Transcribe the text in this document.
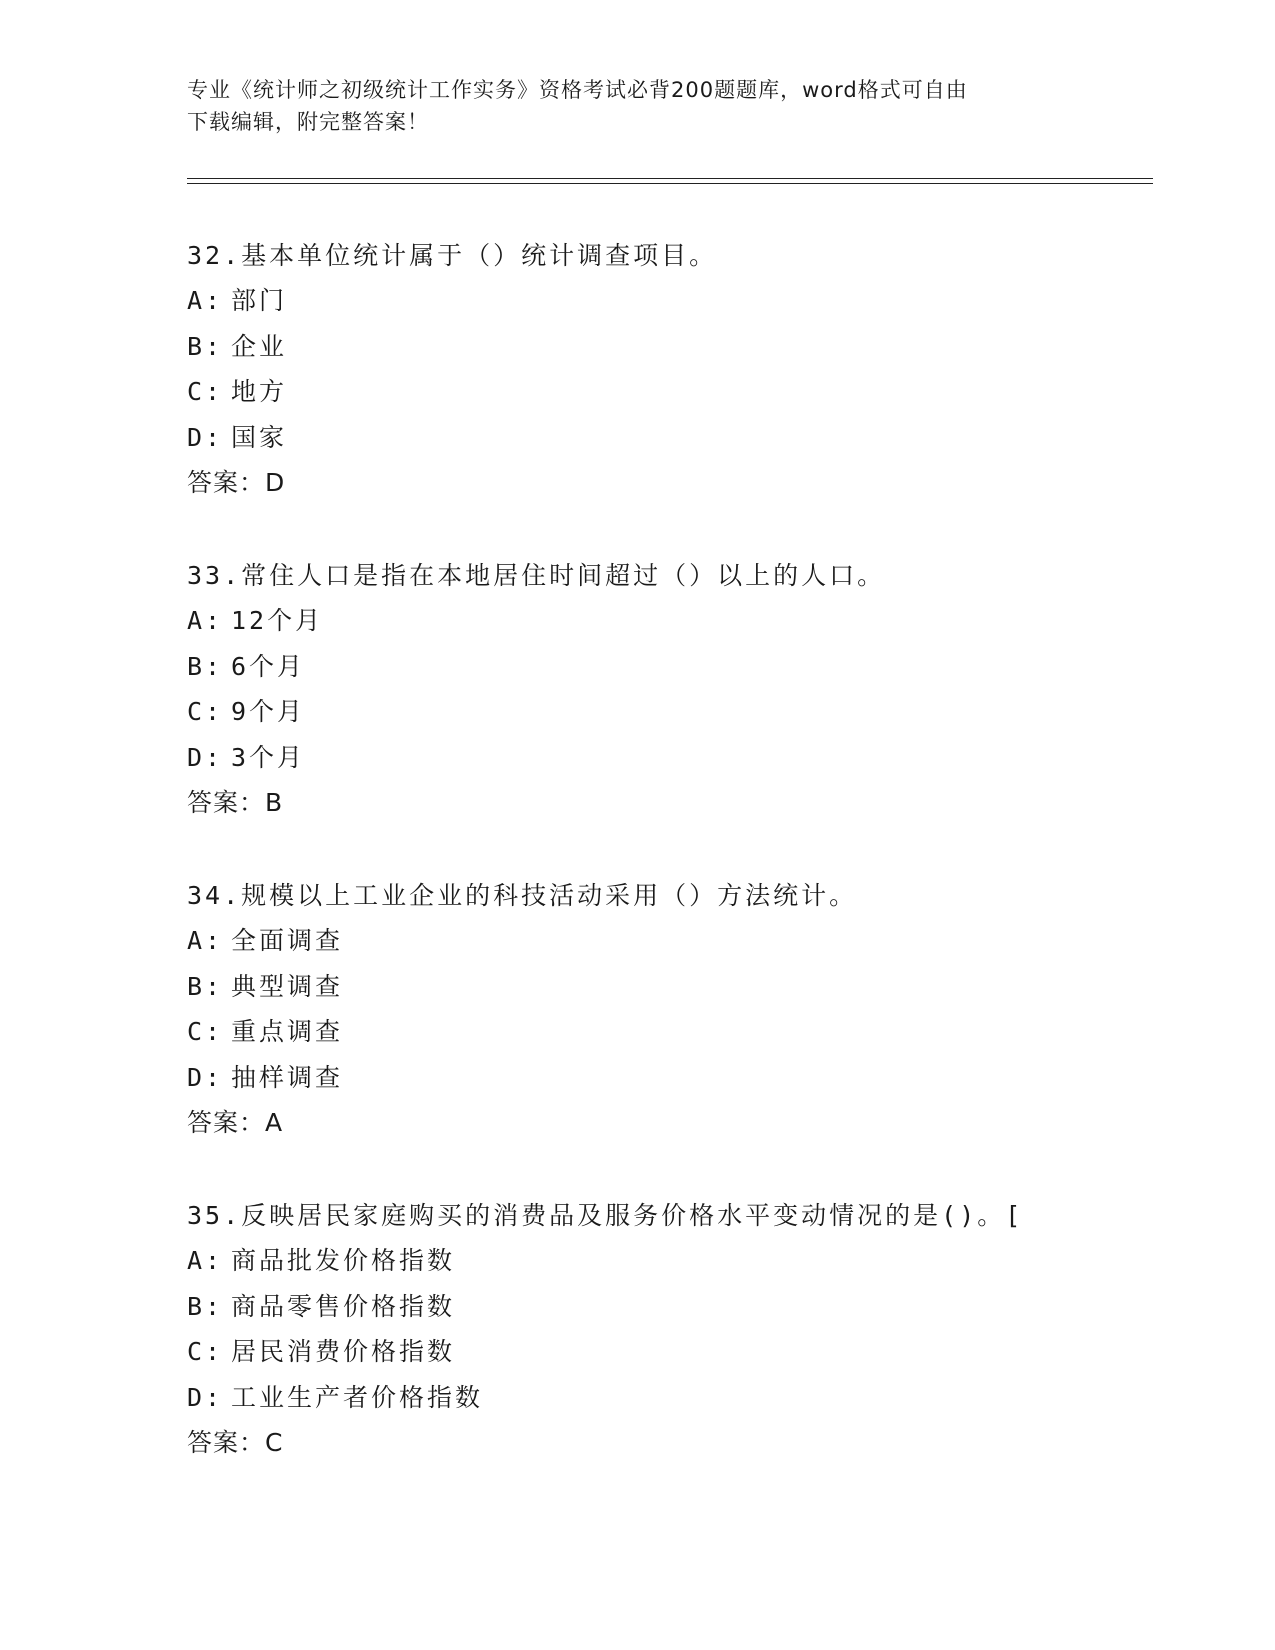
专业《统计师之初级统计工作实务》资格考试必背200题题库，word格式可自由
下载编辑，附完整答案！
32.基本单位统计属于（）统计调查项目。
A: 部门
B: 企业
C: 地方
D: 国家
答案：D
33.常住人口是指在本地居住时间超过（）以上的人口。
A: 12个月
B: 6个月
C: 9个月
D: 3个月
答案：B
34.规模以上工业企业的科技活动采用（）方法统计。
A: 全面调查
B: 典型调查
C: 重点调查
D: 抽样调查
答案：A
35.反映居民家庭购买的消费品及服务价格水平变动情况的是()。[
A: 商品批发价格指数
B: 商品零售价格指数
C: 居民消费价格指数
D: 工业生产者价格指数
答案：C
